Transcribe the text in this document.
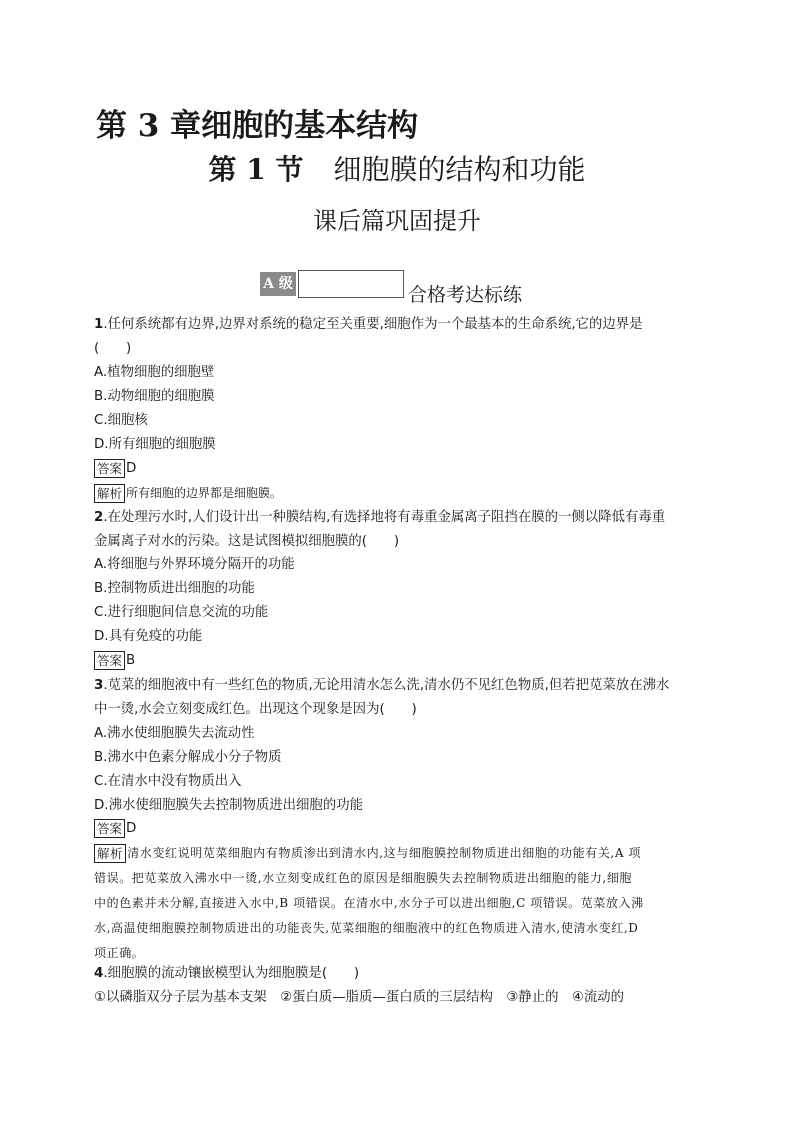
第 3 章细胞的基本结构
第 1 节 细胞膜的结构和功能
课后篇巩固提升
A 级	合格考达标练
1.任何系统都有边界,边界对系统的稳定至关重要,细胞作为一个最基本的生命系统,它的边界是
(　　)
A.植物细胞的细胞壁
B.动物细胞的细胞膜
C.细胞核
D.所有细胞的细胞膜
答案 D
解析 所有细胞的边界都是细胞膜。
2.在处理污水时,人们设计出一种膜结构,有选择地将有毒重金属离子阻挡在膜的一侧以降低有毒重
金属离子对水的污染。这是试图模拟细胞膜的(　　)
A.将细胞与外界环境分隔开的功能
B.控制物质进出细胞的功能
C.进行细胞间信息交流的功能
D.具有免疫的功能
答案 B
3.苋菜的细胞液中有一些红色的物质,无论用清水怎么洗,清水仍不见红色物质,但若把苋菜放在沸水
中一烫,水会立刻变成红色。出现这个现象是因为(　　)
A.沸水使细胞膜失去流动性
B.沸水中色素分解成小分子物质
C.在清水中没有物质出入
D.沸水使细胞膜失去控制物质进出细胞的功能
答案 D
解析 清水变红说明苋菜细胞内有物质渗出到清水内,这与细胞膜控制物质进出细胞的功能有关,A 项
错误。把苋菜放入沸水中一烫,水立刻变成红色的原因是细胞膜失去控制物质进出细胞的能力,细胞
中的色素并未分解,直接进入水中,B 项错误。在清水中,水分子可以进出细胞,C 项错误。苋菜放入沸
水,高温使细胞膜控制物质进出的功能丧失,苋菜细胞的细胞液中的红色物质进入清水,使清水变红,D
项正确。
4.细胞膜的流动镶嵌模型认为细胞膜是(　　)
①以磷脂双分子层为基本支架　②蛋白质—脂质—蛋白质的三层结构　③静止的　④流动的
